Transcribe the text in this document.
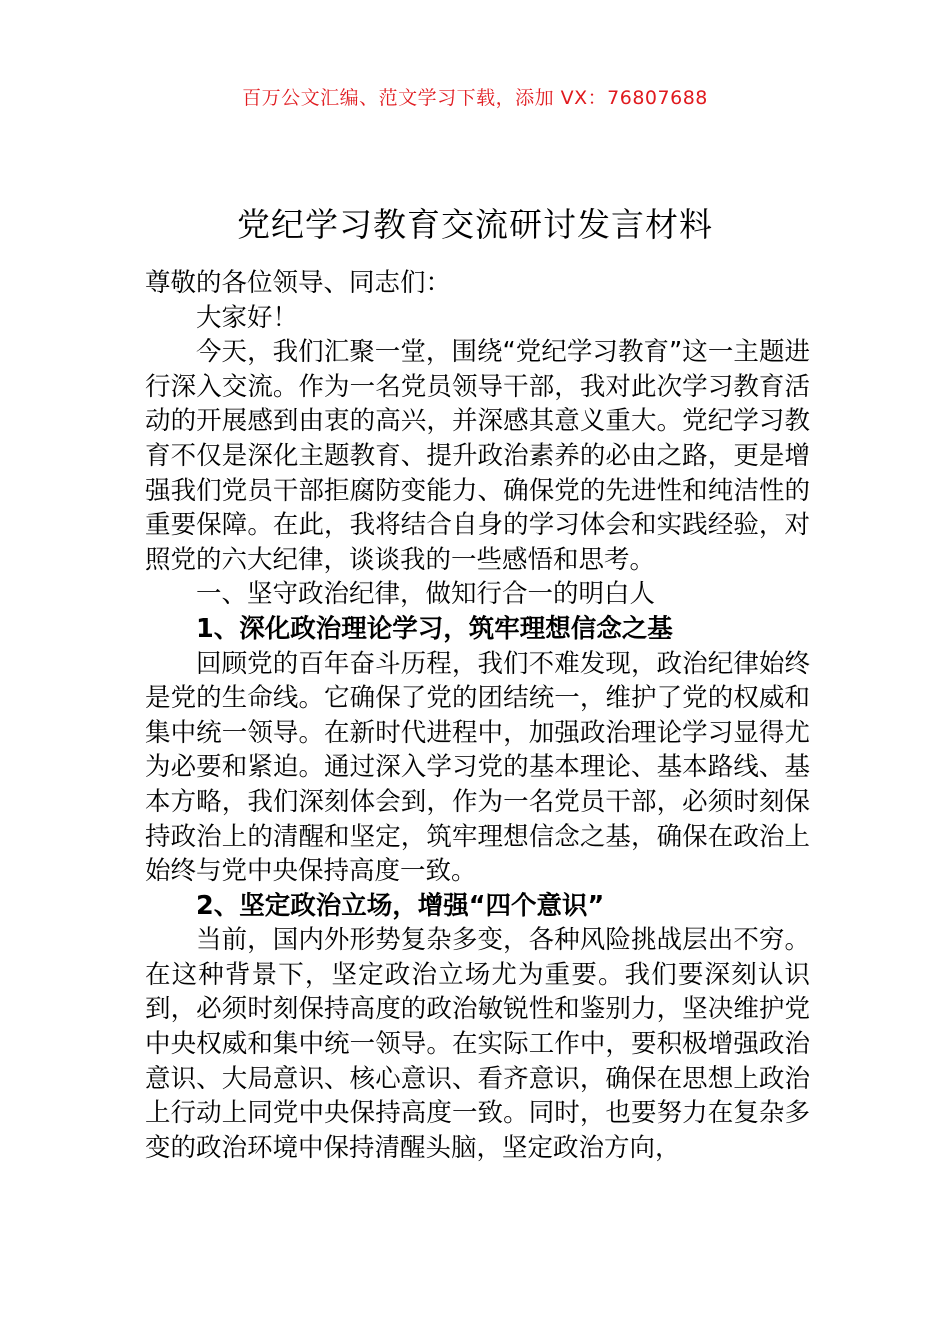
百万公文汇编、范文学习下载，添加 VX：76807688
党纪学习教育交流研讨发言材料

尊敬的各位领导、同志们：

大家好！

今天，我们汇聚一堂，围绕“党纪学习教育”这一主题进行深入交流。作为一名党员领导干部，我对此次学习教育活动的开展感到由衷的高兴，并深感其意义重大。党纪学习教育不仅是深化主题教育、提升政治素养的必由之路，更是增强我们党员干部拒腐防变能力、确保党的先进性和纯洁性的重要保障。在此，我将结合自身的学习体会和实践经验，对照党的六大纪律，谈谈我的一些感悟和思考。

一、坚守政治纪律，做知行合一的明白人

1、深化政治理论学习，筑牢理想信念之基

回顾党的百年奋斗历程，我们不难发现，政治纪律始终是党的生命线。它确保了党的团结统一，维护了党的权威和集中统一领导。在新时代进程中，加强政治理论学习显得尤为必要和紧迫。通过深入学习党的基本理论、基本路线、基本方略，我们深刻体会到，作为一名党员干部，必须时刻保持政治上的清醒和坚定，筑牢理想信念之基，确保在政治上始终与党中央保持高度一致。

2、坚定政治立场，增强“四个意识”

当前，国内外形势复杂多变，各种风险挑战层出不穷。在这种背景下，坚定政治立场尤为重要。我们要深刻认识到，必须时刻保持高度的政治敏锐性和鉴别力，坚决维护党中央权威和集中统一领导。在实际工作中，要积极增强政治意识、大局意识、核心意识、看齐意识，确保在思想上政治上行动上同党中央保持高度一致。同时，也要努力在复杂多变的政治环境中保持清醒头脑，坚定政治方向，
